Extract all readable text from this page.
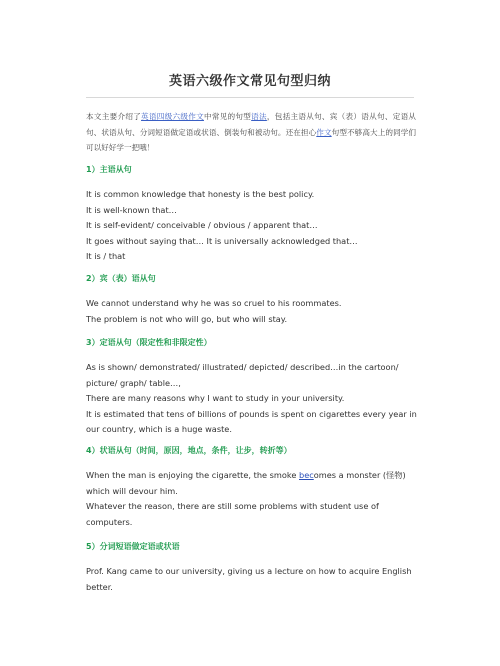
英语六级作文常见句型归纳
本文主要介绍了英语四级六级作文中常见的句型语法，包括主语从句、宾（表）语从句、定语从句、状语从句、分词短语做定语或状语、倒装句和被动句。还在担心作文句型不够高大上的同学们可以好好学一把哦！

1）主语从句

It is common knowledge that honesty is the best policy.

It is well-known that…

It is self-evident/ conceivable / obvious / apparent that…

It goes without saying that… It is universally acknowledged that…

It is / that

2）宾（表）语从句

We cannot understand why he was so cruel to his roommates.

The problem is not who will go, but who will stay.

3）定语从句（限定性和非限定性）

As is shown/ demonstrated/ illustrated/ depicted/ described…in the cartoon/

picture/ graph/ table…,

There are many reasons why I want to study in your university.

It is estimated that tens of billions of pounds is spent on cigarettes every year in

our country, which is a huge waste.

4）状语从句（时间，原因，地点，条件，让步，转折等）

When the man is enjoying the cigarette, the smoke becomes a monster (怪物)

which will devour him.

Whatever the reason, there are still some problems with student use of

computers.

5）分词短语做定语或状语

Prof. Kang came to our university, giving us a lecture on how to acquire English

better.
